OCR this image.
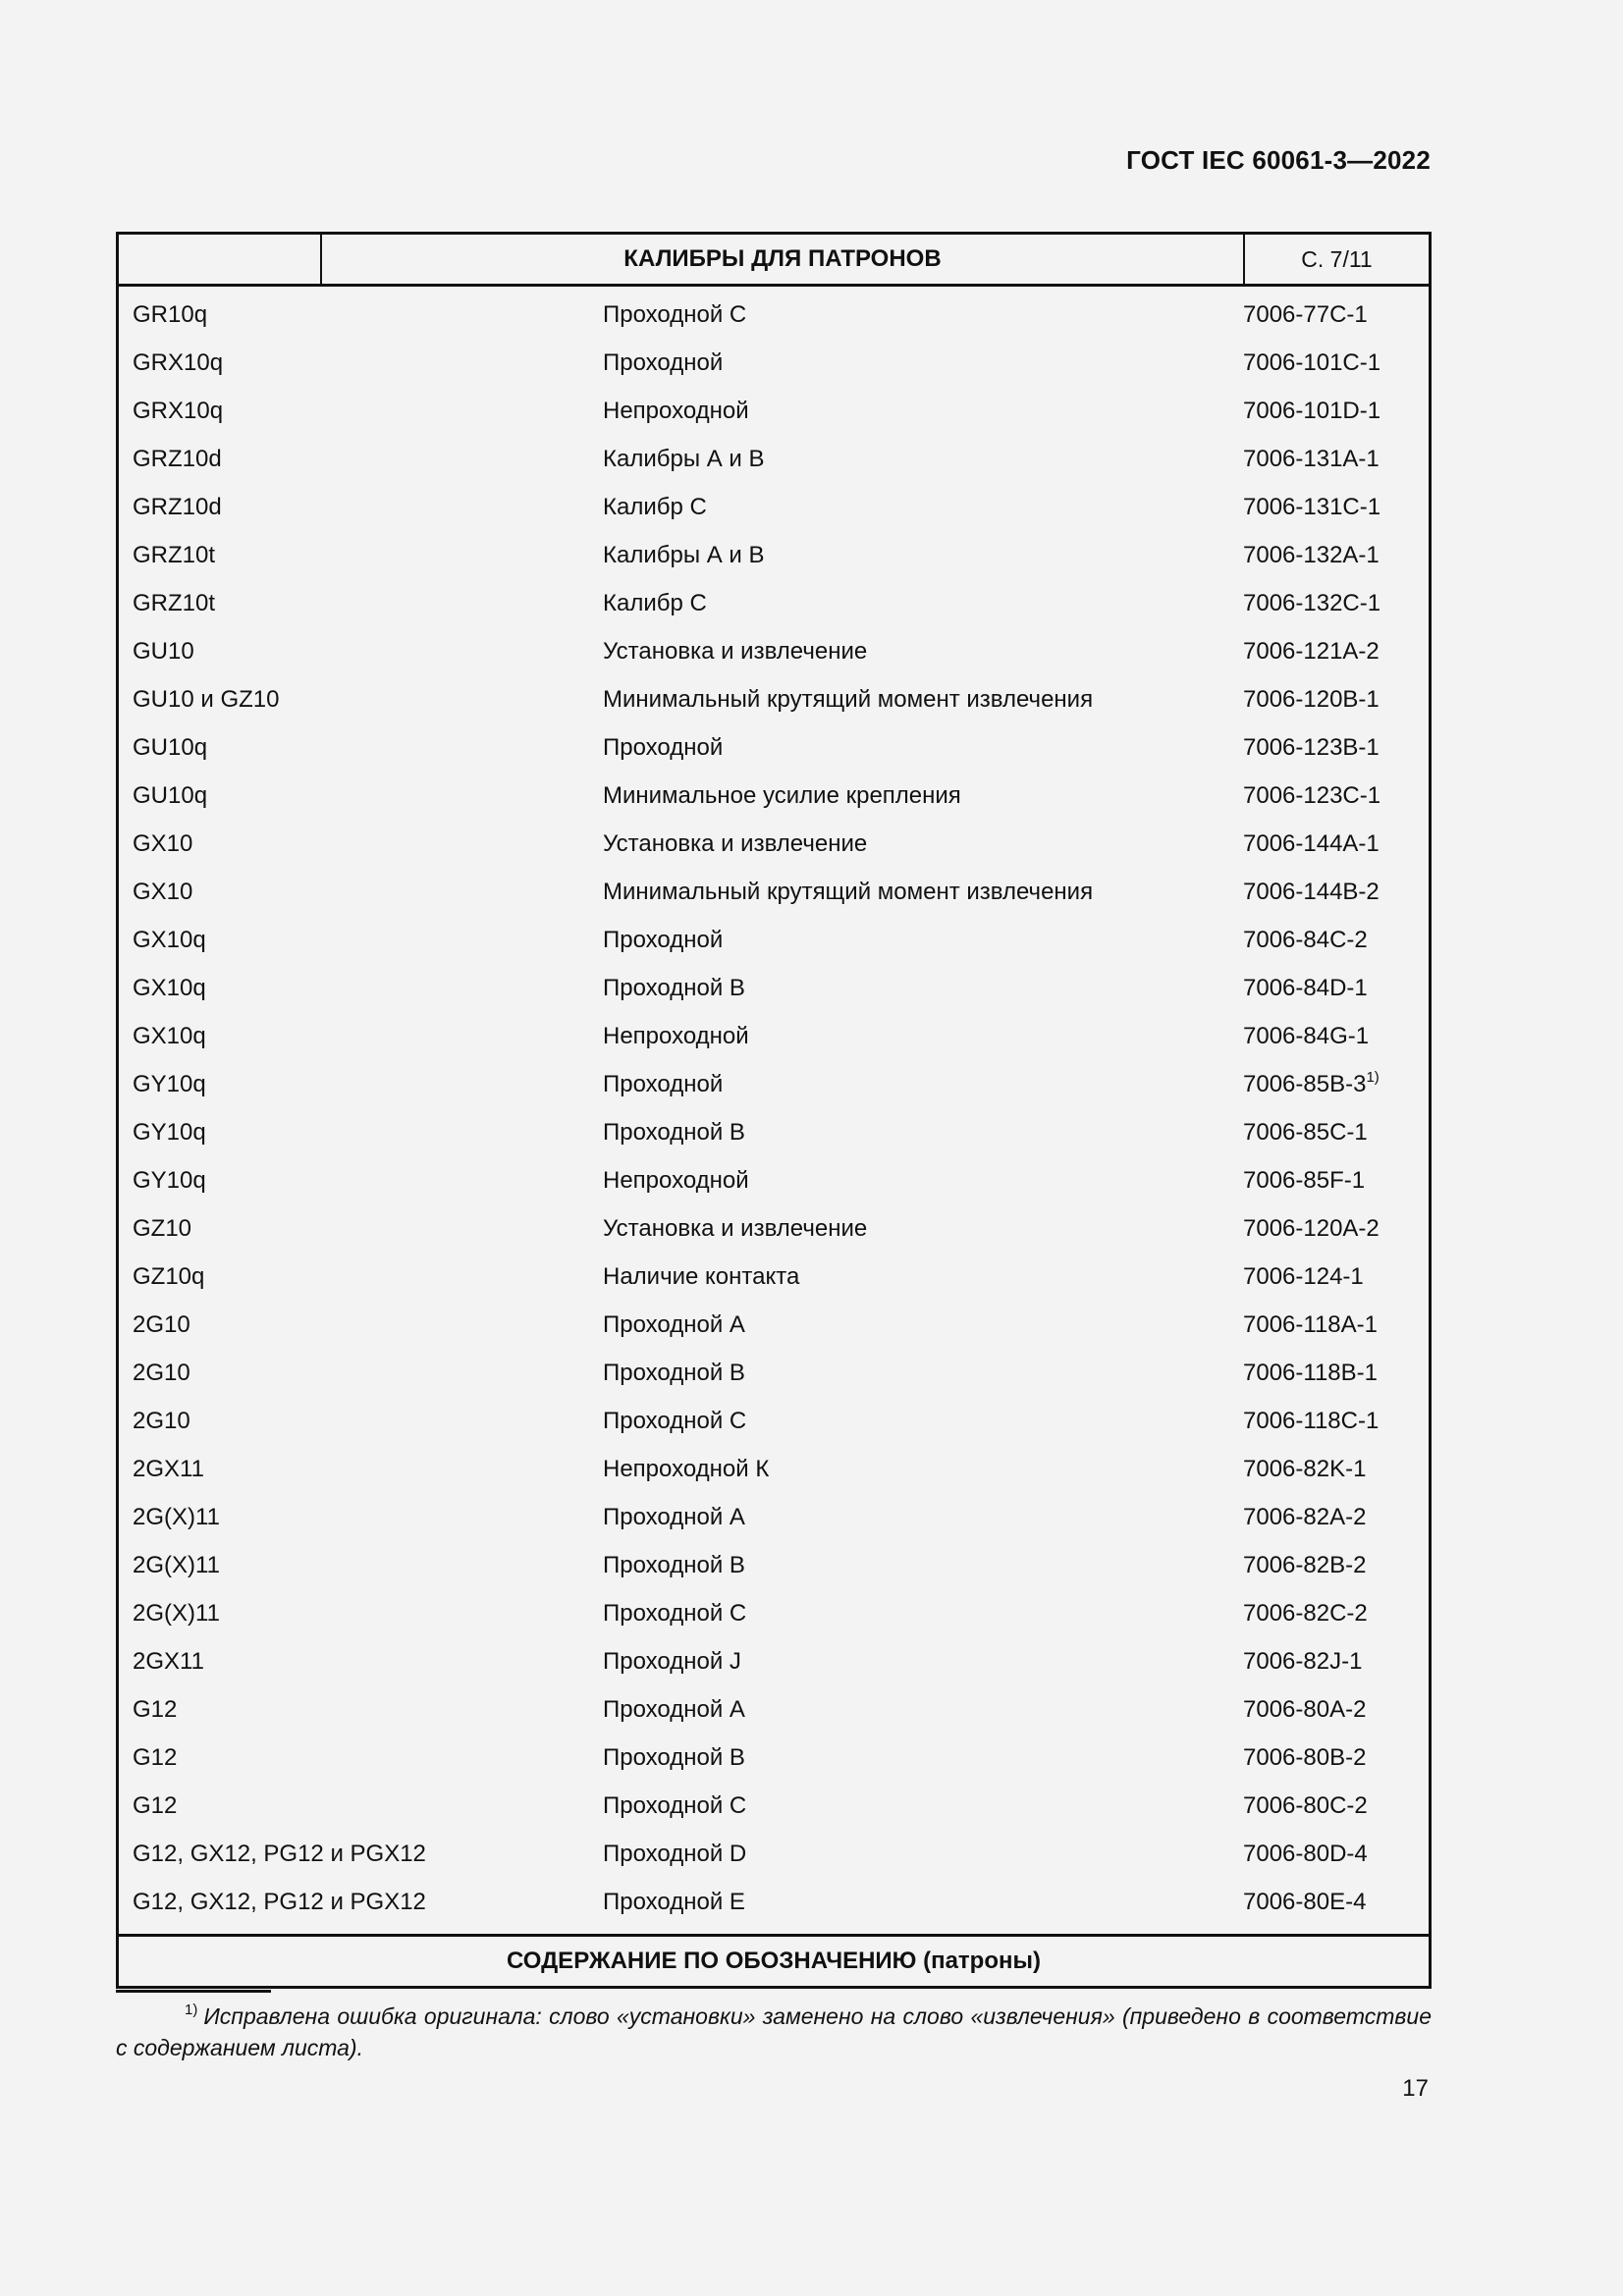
ГОСТ IEC 60061-3—2022
КАЛИБРЫ ДЛЯ ПАТРОНОВ	С. 7/11
GR10q	Проходной C	7006-77C-1
GRX10q	Проходной	7006-101C-1
GRX10q	Непроходной	7006-101D-1
GRZ10d	Калибры А и В	7006-131A-1
GRZ10d	Калибр С	7006-131C-1
GRZ10t	Калибры А и В	7006-132A-1
GRZ10t	Калибр С	7006-132C-1
GU10	Установка и извлечение	7006-121A-2
GU10 и GZ10	Минимальный крутящий момент извлечения	7006-120B-1
GU10q	Проходной	7006-123B-1
GU10q	Минимальное усилие крепления	7006-123C-1
GX10	Установка и извлечение	7006-144A-1
GX10	Минимальный крутящий момент извлечения	7006-144B-2
GX10q	Проходной	7006-84C-2
GX10q	Проходной В	7006-84D-1
GX10q	Непроходной	7006-84G-1
GY10q	Проходной	7006-85B-3$^{1)}$
GY10q	Проходной В	7006-85C-1
GY10q	Непроходной	7006-85F-1
GZ10	Установка и извлечение	7006-120A-2
GZ10q	Наличие контакта	7006-124-1
2G10	Проходной А	7006-118A-1
2G10	Проходной В	7006-118B-1
2G10	Проходной С	7006-118C-1
2GX11	Непроходной К	7006-82K-1
2G(X)11	Проходной А	7006-82A-2
2G(X)11	Проходной В	7006-82B-2
2G(X)11	Проходной С	7006-82C-2
2GX11	Проходной J	7006-82J-1
G12	Проходной А	7006-80A-2
G12	Проходной В	7006-80B-2
G12	Проходной С	7006-80C-2
G12, GX12, PG12 и PGX12	Проходной D	7006-80D-4
G12, GX12, PG12 и PGX12	Проходной Е	7006-80E-4
СОДЕРЖАНИЕ ПО ОБОЗНАЧЕНИЮ (патроны)
$^{1)}$ Исправлена ошибка оригинала: слово «установки» заменено на слово «извлечения» (приведено в соответствие с содержанием листа).
17
